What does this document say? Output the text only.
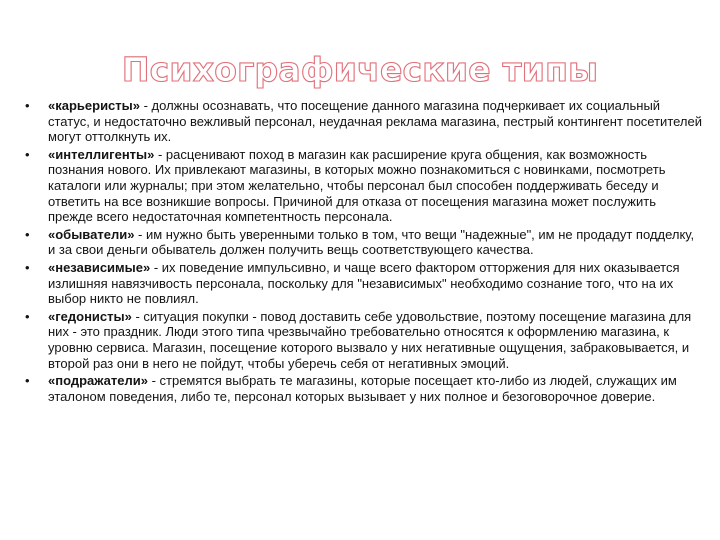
Психографические типы
• «карьеристы» - должны осознавать, что посещение данного магазина подчеркивает их социальный статус, и недостаточно вежливый персонал, неудачная реклама магазина, пестрый контингент посетителей могут оттолкнуть их.
• «интеллигенты» - расценивают поход в магазин как расширение круга общения, как возможность познания нового. Их привлекают магазины, в которых можно познакомиться с новинками, посмотреть каталоги или журналы; при этом желательно, чтобы персонал был способен поддерживать беседу и ответить на все возникшие вопросы. Причиной для отказа от посещения магазина может послужить прежде всего недостаточная компетентность персонала.
• «обыватели» - им нужно быть уверенными только в том, что вещи "надежные", им не продадут подделку, и за свои деньги обыватель должен получить вещь соответствующего качества.
• «независимые» - их поведение импульсивно, и чаще всего фактором отторжения для них оказывается излишняя навязчивость персонала, поскольку для "независимых" необходимо сознание того, что на их выбор никто не повлиял.
• «гедонисты» - ситуация покупки - повод доставить себе удовольствие, поэтому посещение магазина для них - это праздник. Люди этого типа чрезвычайно требовательно относятся к оформлению магазина, к уровню сервиса. Магазин, посещение которого вызвало у них негативные ощущения, забраковывается, и второй раз они в него не пойдут, чтобы уберечь себя от негативных эмоций.
• «подражатели» - стремятся выбрать те магазины, которые посещает кто-либо из людей, служащих им эталоном поведения, либо те, персонал которых вызывает у них полное и безоговорочное доверие.
